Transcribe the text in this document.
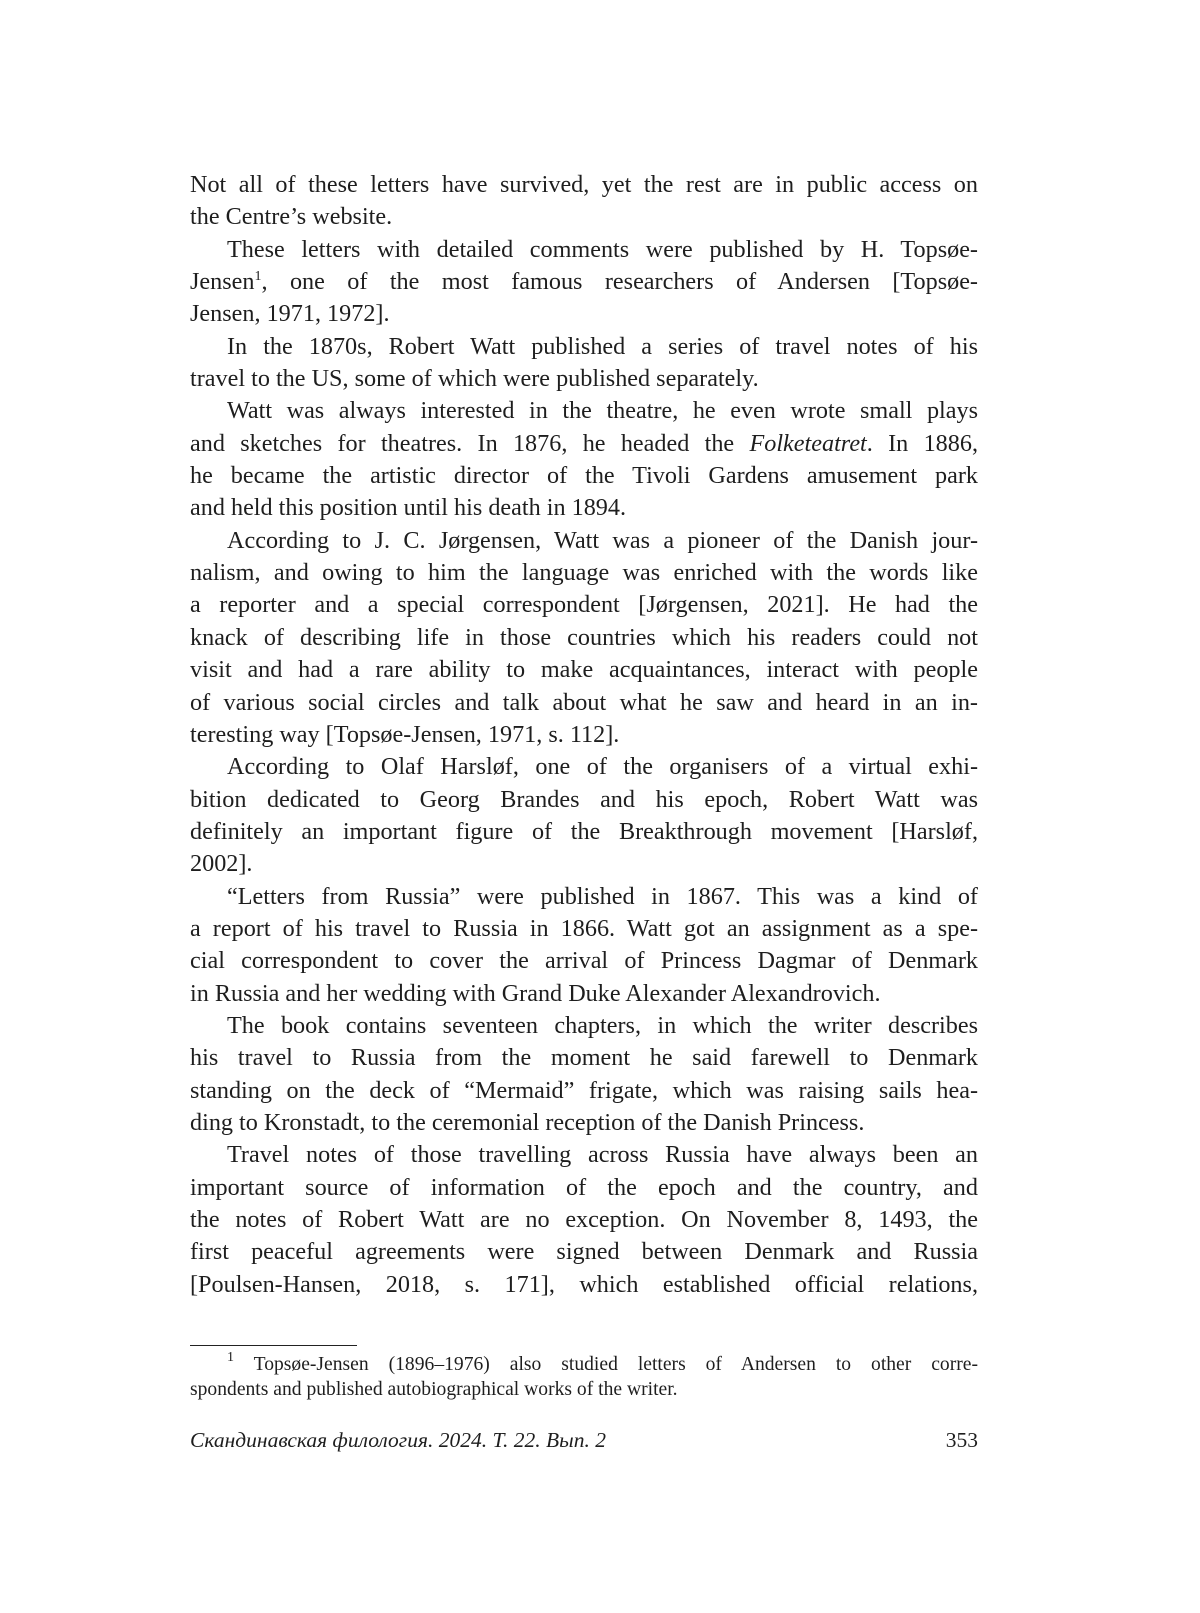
Not all of these letters have survived, yet the rest are in public access on
the Centre’s website.
These letters with detailed comments were published by H. Topsøe-
Jensen$^1$, one of the most famous researchers of Andersen [Topsøe-
Jensen, 1971, 1972].
In the 1870s, Robert Watt published a series of travel notes of his
travel to the US, some of which were published separately.
Watt was always interested in the theatre, he even wrote small plays
and sketches for theatres. In 1876, he headed the Folketeatret. In 1886,
he became the artistic director of the Tivoli Gardens amusement park
and held this position until his death in 1894.
According to J. C. Jørgensen, Watt was a pioneer of the Danish jour-
nalism, and owing to him the language was enriched with the words like
a reporter and a special correspondent [Jørgensen, 2021]. He had the
knack of describing life in those countries which his readers could not
visit and had a rare ability to make acquaintances, interact with people
of various social circles and talk about what he saw and heard in an in-
teresting way [Topsøe-Jensen, 1971, s. 112].
According to Olaf Harsløf, one of the organisers of a virtual exhi-
bition dedicated to Georg Brandes and his epoch, Robert Watt was
definitely an important figure of the Breakthrough movement [Harsløf,
2002].
“Letters from Russia” were published in 1867. This was a kind of
a report of his travel to Russia in 1866. Watt got an assignment as a spe-
cial correspondent to cover the arrival of Princess Dagmar of Denmark
in Russia and her wedding with Grand Duke Alexander Alexandrovich.
The book contains seventeen chapters, in which the writer describes
his travel to Russia from the moment he said farewell to Denmark
standing on the deck of “Mermaid” frigate, which was raising sails hea-
ding to Kronstadt, to the ceremonial reception of the Danish Princess.
Travel notes of those travelling across Russia have always been an
important source of information of the epoch and the country, and
the notes of Robert Watt are no exception. On November 8, 1493, the
first peaceful agreements were signed between Denmark and Russia
[Poulsen-Hansen, 2018, s. 171], which established official relations,
$^1$ Topsøe-Jensen (1896–1976) also studied letters of Andersen to other corre-
spondents and published autobiographical works of the writer.
Скандинавская филология. 2024. Т. 22. Вып. 2	353
